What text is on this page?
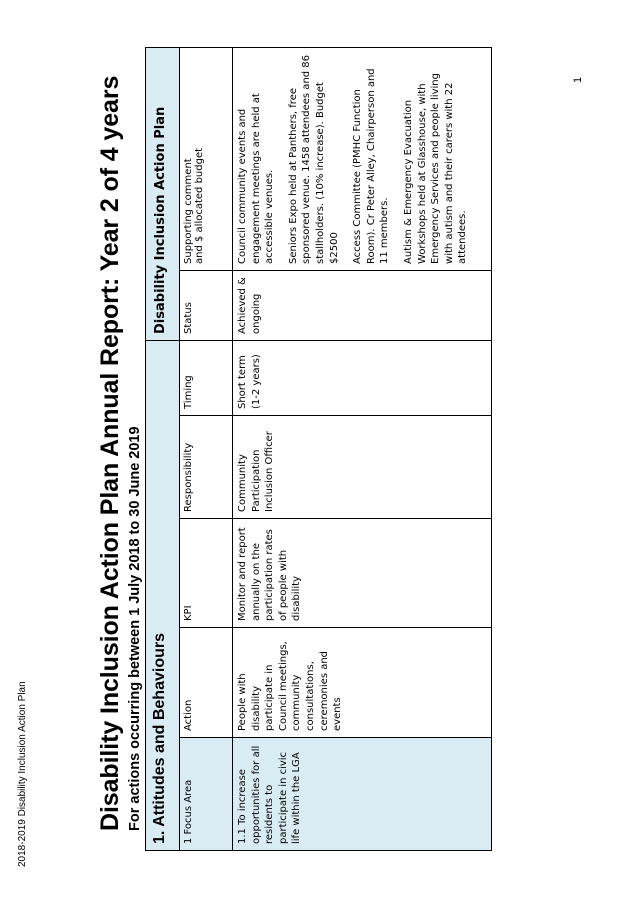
Disability Inclusion Action Plan Annual Report: Year 2 of 4 years For actions occurring between 1 July 2018 to 30 June 2019 1. Attitudes and Behaviours					Disability Inclusion Action Plan	
1 Focus Area	Action	KPI	Responsibility	Timing	Status	Supporting comment and $ allocated budget

1.1 To increase opportunities for all residents to participate in civic life within the LGA	People with disability participate in Council meetings, community consultations, ceremonies and events	Monitor and report annually on the participation rates of people with disability	Community Participation Inclusion Officer	Short term (1-2 years)	Achieved & ongoing	Council community events and engagement meetings are held at accessible venues. Seniors Expo held at Panthers, free sponsored venue. 1458 attendees and 86 stallholders. (10% increase). Budget $2500 Access Committee (PMHC Function Room). Cr Peter Alley, Chairperson and 11 members. Autism & Emergency Evacuation Workshops held at Glasshouse, with Emergency Services and people living with autism and their carers with 22 attendees.

1
2018-2019 Disability Inclusion Action Plan
